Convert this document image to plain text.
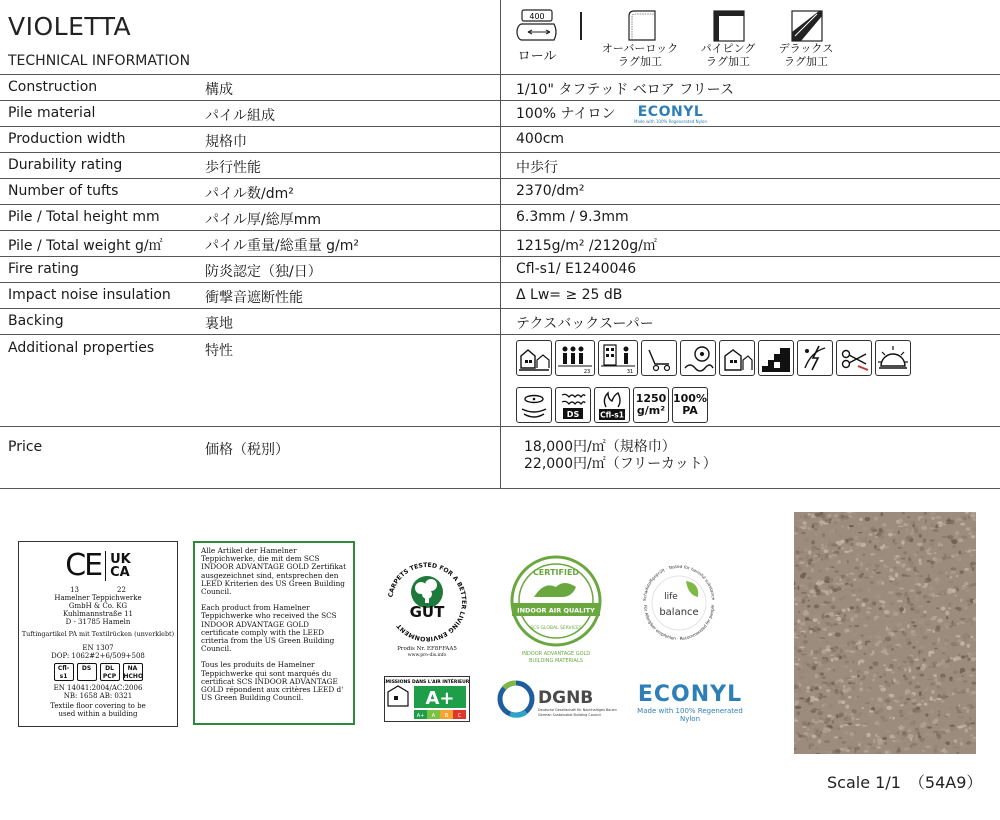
VIOLETTA
TECHNICAL INFORMATION
400
ロール
オーバーロック
ラグ加工
パイピング
ラグ加工
デラックス
ラグ加工
Construction	構成	1/10" タフテッド ベロア フリース
Pile material	パイル組成	100% ナイロン ECONYL
Made with 100% Regenerated Nylon
Production width	規格巾	400cm
Durability rating	歩行性能	中歩行
Number of tufts	パイル数/dm²	2370/dm²
Pile / Total height mm	パイル厚/総厚mm	6.3mm / 9.3mm
Pile / Total weight g/㎡	パイル重量/総重量 g/m²	1215g/m² /2120g/㎡
Fire rating	防炎認定（独/日）	Cfl-s1/ E1240046
Impact noise insulation 衝撃音遮断性能	Δ Lw= ≥ 25 dB
Backing	裏地	テクスバックスーパー
Additional properties	特性
23	31
DS	Cfl-s1
1250
g/m²
100%
PA
Price	価格（税別）	18,000円/㎡（規格巾）
22,000円/㎡（フリーカット）
CE UK
CA
13	22
Hamelner Teppichwerke
GmbH & Co. KG
Kuhlmannstraße 11
D - 31785 Hameln
Tuftingartikel PA mit Textilrücken (unverklebt)
EN 1307
DOP: 1062#2+6/509+508
Cfl-s1
DS	DL PCP
NA HCHO
EN 14041:2004/AC:2006
NB: 1658 AB: 0321
Textile floor covering to be
used within a building

Alle Artikel der Hamelner Teppichwerke, die mit dem SCS INDOOR ADVANTAGE GOLD Zertifikat ausgezeichnet sind, entsprechen den LEED Kriterien des US Green Building Council.

Each product from Hamelner Teppichwerke who received the SCS INDOOR ADVANTAGE GOLD certificate comply with the LEED criteria from the US Green Building Council.

Tous les produits de Hamelner Teppichwerke qui sont marqués du certificat SCS INDOOR ADVANTAGE GOLD répondent aux critères LEED d' US Green Building Council.

CARPETS TESTED FOR A BETTER LIVING ENVIRONMENT
GUT
Prodis Nr. EF8FFAA5
www.pro-dis.info
ÉMISSIONS DANS L'AIR INTÉRIEUR*
A+
A+ A B C
CERTIFIED
INDOOR AIR QUALITY
SCS GLOBAL SERVICES
INDOOR ADVANTAGE GOLD
BUILDING MATERIALS
DGNB
Deutsche Gesellschaft für Nachhaltiges Bauen
German Sustainable Building Council
Schadstoffgeprüft · Tested for harmful substance
Für Allergiker empfohlen · Recommended for people
life
balance
ECONYL
Made with 100% Regenerated Nylon
Scale 1/1　（54A9）
